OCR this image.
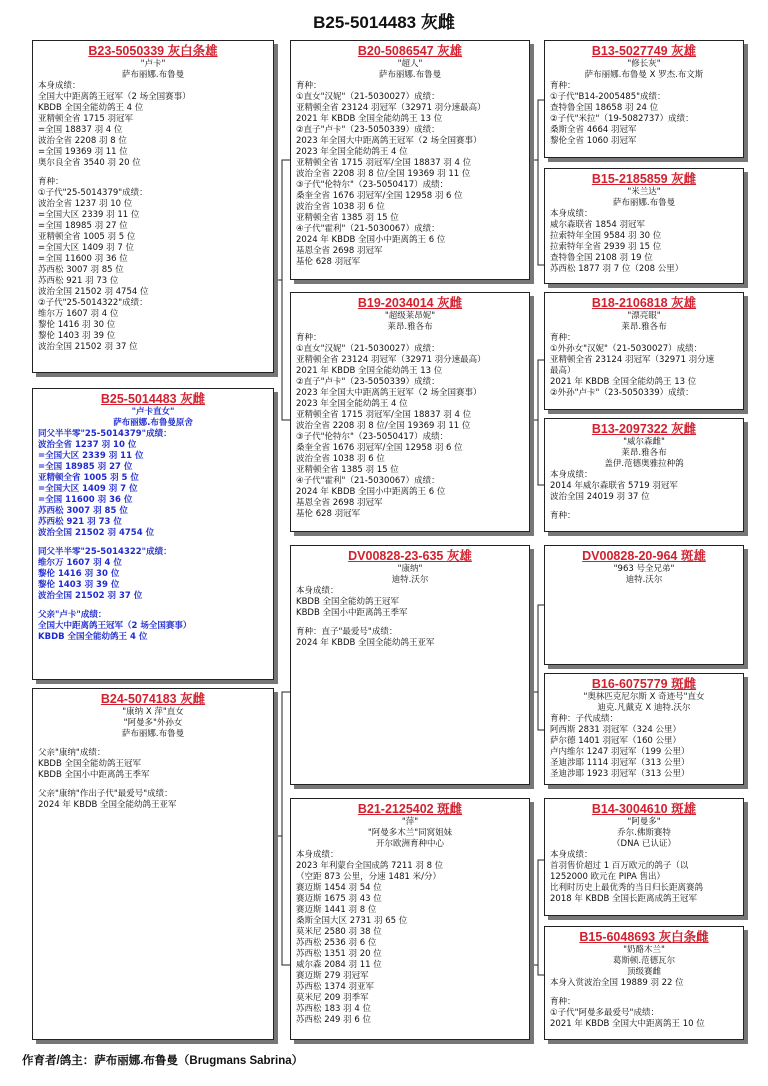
B25-5014483 灰雌
B23-5050339 灰白条雄
"卢卡"
萨布丽娜.布鲁曼
本身成绩：
全国大中距离鸽王冠军（2 场全国赛事）
KBDB 全国全能幼鸽王 4 位
亚精顿全省 1715 羽冠军
=全国 18837 羽 4 位
波治全省 2208 羽 8 位
=全国 19369 羽 11 位
奥尔良全省 3540 羽 20 位
育种：
①子代"25-5014379"成绩：
波治全省 1237 羽 10 位
=全国大区 2339 羽 11 位
=全国 18985 羽 27 位
亚精顿全省 1005 羽 5 位
=全国大区 1409 羽 7 位
=全国 11600 羽 36 位
苏西松 3007 羽 85 位
苏西松 921 羽 73 位
波治全国 21502 羽 4754 位
②子代"25-5014322"成绩：
维尔万 1607 羽 4 位
黎伦 1416 羽 30 位
黎伦 1403 羽 39 位
波治全国 21502 羽 37 位
B25-5014483 灰雌
"卢卡直女"
萨布丽娜.布鲁曼原舍
同父半半零"25-5014379"成绩：
波治全省 1237 羽 10 位
=全国大区 2339 羽 11 位
=全国 18985 羽 27 位
亚精顿全省 1005 羽 5 位
=全国大区 1409 羽 7 位
=全国 11600 羽 36 位
苏西松 3007 羽 85 位
苏西松 921 羽 73 位
波治全国 21502 羽 4754 位
同父半半零"25-5014322"成绩：
维尔万 1607 羽 4 位
黎伦 1416 羽 30 位
黎伦 1403 羽 39 位
波治全国 21502 羽 37 位
父亲"卢卡"成绩：
全国大中距离鸽王冠军（2 场全国赛事）
KBDB 全国全能幼鸽王 4 位
B24-5074183 灰雌
"康纳 X 萍"直女
"阿曼多"外孙女
萨布丽娜.布鲁曼
父亲"康纳"成绩：
KBDB 全国全能幼鸽王冠军
KBDB 全国小中距离鸽王季军
父亲"康纳"作出子代"最爱号"成绩：
2024 年 KBDB 全国全能幼鸽王亚军
B20-5086547 灰雄
"超人"
萨布丽娜.布鲁曼
育种：
①直女"汉妮"（21-5030027）成绩：
亚精顿全省 23124 羽冠军（32971 羽分速最高）
2021 年 KBDB 全国全能幼鸽王 13 位
②直子"卢卡"（23-5050339）成绩：
2023 年全国大中距离鸽王冠军（2 场全国赛事）
2023 年全国全能幼鸽王 4 位
亚精顿全省 1715 羽冠军/全国 18837 羽 4 位
波治全省 2208 羽 8 位/全国 19369 羽 11 位
③子代"伦特尔"（23-5050417）成绩：
桑奎全省 1676 羽冠军/全国 12958 羽 6 位
波治全省 1038 羽 6 位
亚精顿全省 1385 羽 15 位
④子代"霍利"（21-5030067）成绩：
2024 年 KBDB 全国小中距离鸽王 6 位
基恩全省 2698 羽冠军
基伦 628 羽冠军
B19-2034014 灰雌
"超级莱昂妮"
莱昂.雅各布
育种：
①直女"汉妮"（21-5030027）成绩：
亚精顿全省 23124 羽冠军（32971 羽分速最高）
2021 年 KBDB 全国全能幼鸽王 13 位
②直子"卢卡"（23-5050339）成绩：
2023 年全国大中距离鸽王冠军（2 场全国赛事）
2023 年全国全能幼鸽王 4 位
亚精顿全省 1715 羽冠军/全国 18837 羽 4 位
波治全省 2208 羽 8 位/全国 19369 羽 11 位
③子代"伦特尔"（23-5050417）成绩：
桑奎全省 1676 羽冠军/全国 12958 羽 6 位
波治全省 1038 羽 6 位
亚精顿全省 1385 羽 15 位
④子代"霍利"（21-5030067）成绩：
2024 年 KBDB 全国小中距离鸽王 6 位
基恩全省 2698 羽冠军
基伦 628 羽冠军
DV00828-23-635 灰雄
"康纳"
迪特.沃尔
本身成绩：
KBDB 全国全能幼鸽王冠军
KBDB 全国小中距离鸽王季军
育种：直子"最爱号"成绩：
2024 年 KBDB 全国全能幼鸽王亚军
B21-2125402 斑雌
"萍"
"阿曼多木兰"同窝姐妹
开尔欧洲育种中心
本身成绩：
2023 年利蒙台全国成鸽 7211 羽 8 位
（空距 873 公里，分速 1481 米/分）
赛迈斯 1454 羽 54 位
赛迈斯 1675 羽 43 位
赛迈斯 1441 羽 8 位
桑斯全国大区 2731 羽 65 位
莫米尼 2580 羽 38 位
苏西松 2536 羽 6 位
苏西松 1351 羽 20 位
威尔森 2084 羽 11 位
赛迈斯 279 羽冠军
苏西松 1374 羽亚军
莫米尼 209 羽季军
苏西松 183 羽 4 位
苏西松 249 羽 6 位
B13-5027749 灰雄
"修长灰"
萨布丽娜.布鲁曼 X 罗杰.布文斯
育种：
①子代"B14-2005485"成绩：
查特鲁全国 18658 羽 24 位
②子代"米拉"（19-5082737）成绩：
桑斯全省 4664 羽冠军
黎伦全省 1060 羽冠军
B15-2185859 灰雌
"米兰达"
萨布丽娜.布鲁曼
本身成绩：
威尔森联省 1854 羽冠军
拉索特年全国 9584 羽 30 位
拉索特年全省 2939 羽 15 位
查特鲁全国 2108 羽 19 位
苏西松 1877 羽 7 位（208 公里）
B18-2106818 灰雄
"漂亮眼"
莱昂.雅各布
育种：
①外孙女"汉妮"（21-5030027）成绩：
亚精顿全省 23124 羽冠军（32971 羽分速
最高）
2021 年 KBDB 全国全能幼鸽王 13 位
②外孙"卢卡"（23-5050339）成绩：
B13-2097322 灰雌
"威尔森雌"
莱昂.雅各布
盖伊.范德奥雅拉种鸽
本身成绩：
2014 年威尔森联省 5719 羽冠军
波治全国 24019 羽 37 位
育种：
DV00828-20-964 斑雄
"963 号全兄弟"
迪特.沃尔
B16-6075779 斑雌
"奥林匹克尼尔斯 X 奇迹号"直女
迪克.凡戴克 X 迪特.沃尔
育种：子代成绩：
阿西斯 2831 羽冠军（324 公里）
萨尔德 1401 羽冠军（160 公里）
卢内维尔 1247 羽冠军（199 公里）
圣迪涉耶 1114 羽冠军（313 公里）
圣迪涉耶 1923 羽冠军（313 公里）
B14-3004610 斑雄
"阿曼多"
乔尔.佛斯赛特
（DNA 已认证）
本身成绩：
首羽售价超过 1 百万欧元的鸽子（以
1252000 欧元在 PIPA 售出）
比利时历史上最优秀的当日归长距离赛鸽
2018 年 KBDB 全国长距离成鸽王冠军
B15-6048693 灰白条雌
"奶酪木兰"
葛斯顿.范德瓦尔
顶级赛雌
本身入赏波治全国 19889 羽 22 位
育种：
①子代"阿曼多最爱号"成绩：
2021 年 KBDB 全国大中距离鸽王 10 位
作育者/鸽主：萨布丽娜.布鲁曼（Brugmans Sabrina）
